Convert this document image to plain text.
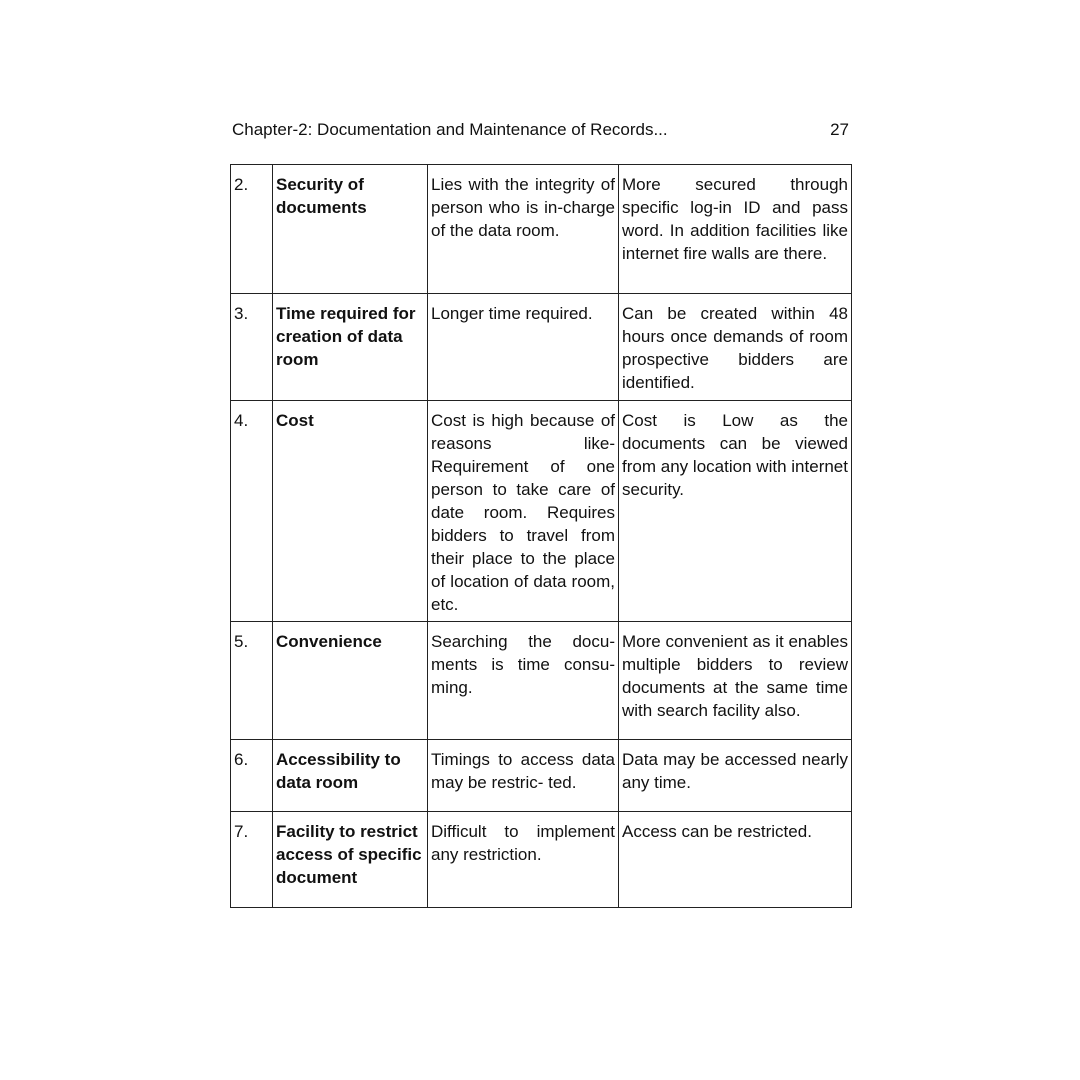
Chapter-2: Documentation and Maintenance of Records...	27
2.	Security of documents	Lies with the integrity of person who is in-charge of the data room.	More secured through specific log-in ID and pass word. In addition facilities like internet fire walls are there.
3.	Time required for creation of data room	Longer time required.	Can be created within 48 hours once demands of room prospective bidders are identified.
4.	Cost	Cost is high because of reasons like- Requirement of one person to take care of date room. Requires bidders to travel from their place to the place of location of data room, etc.	Cost is Low as the documents can be viewed from any location with internet security.
5.	Convenience	Searching the docu- ments is time consu- ming.	More convenient as it enables multiple bidders to review documents at the same time with search facility also.
6.	Accessibility to data room	Timings to access data may be restric- ted.	Data may be accessed nearly any time.
7.	Facility to restrict access of specific document	Difficult to implement any restriction.	Access can be restricted.
